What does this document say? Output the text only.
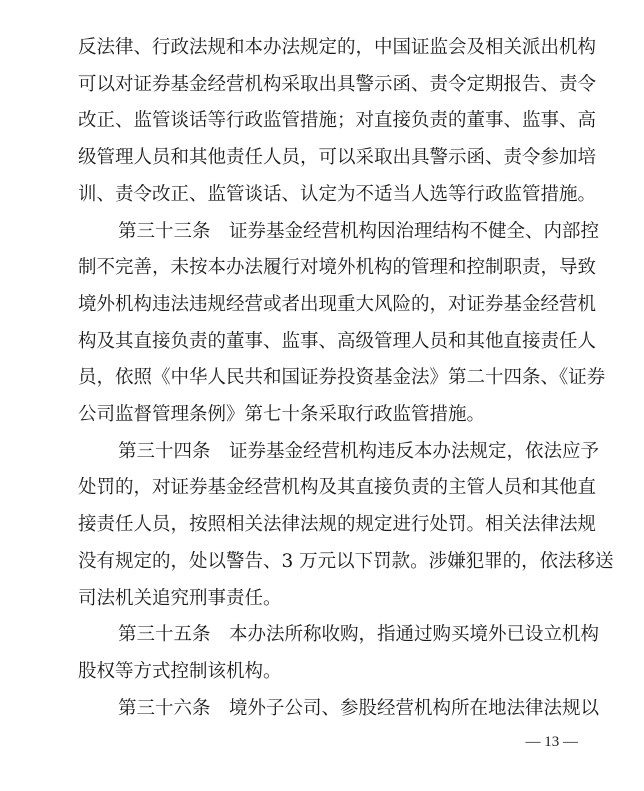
反法律、行政法规和本办法规定的，中国证监会及相关派出机构
可以对证券基金经营机构采取出具警示函、责令定期报告、责令
改正、监管谈话等行政监管措施；对直接负责的董事、监事、高
级管理人员和其他责任人员，可以采取出具警示函、责令参加培
训、责令改正、监管谈话、认定为不适当人选等行政监管措施。
第三十三条　证券基金经营机构因治理结构不健全、内部控
制不完善，未按本办法履行对境外机构的管理和控制职责，导致
境外机构违法违规经营或者出现重大风险的，对证券基金经营机
构及其直接负责的董事、监事、高级管理人员和其他直接责任人
员，依照《中华人民共和国证券投资基金法》第二十四条、《证券
公司监督管理条例》第七十条采取行政监管措施。
第三十四条　证券基金经营机构违反本办法规定，依法应予
处罚的，对证券基金经营机构及其直接负责的主管人员和其他直
接责任人员，按照相关法律法规的规定进行处罚。相关法律法规
没有规定的，处以警告、3 万元以下罚款。涉嫌犯罪的，依法移送
司法机关追究刑事责任。
第三十五条　本办法所称收购，指通过购买境外已设立机构
股权等方式控制该机构。
第三十六条　境外子公司、参股经营机构所在地法律法规以
— 13 —
